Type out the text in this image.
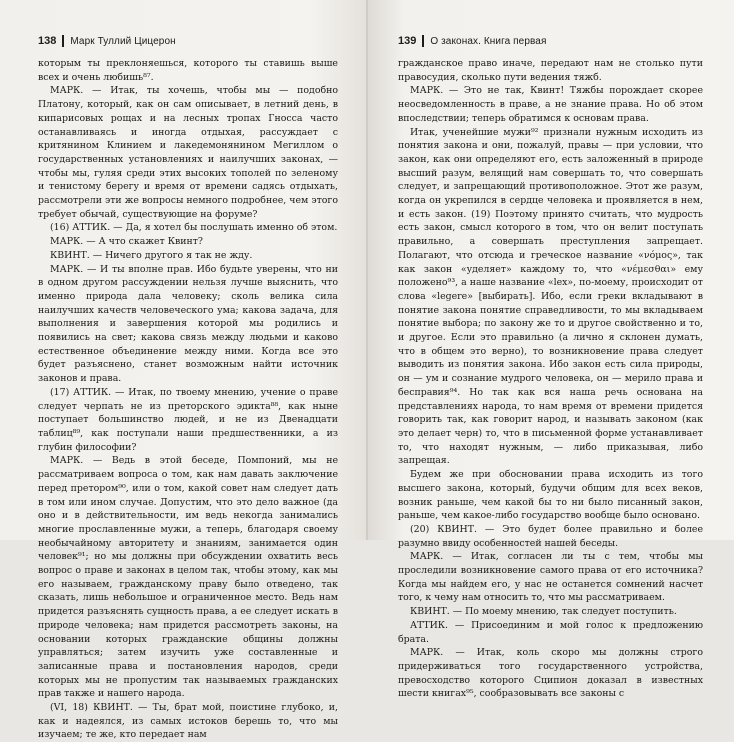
138 Марк Туллий Цицерон

которым ты преклоняешься, которого ты ставишь выше всех и очень любишь⁸⁷.

МАРК. — Итак, ты хочешь, чтобы мы — подобно Платону, который, как он сам описывает, в летний день, в кипарисовых рощах и на лесных тропах Гносса часто останавливаясь и иногда отдыхая, рассуждает с критянином Клинием и лакедемонянином Мегиллом о государственных установлениях и наилучших законах, — чтобы мы, гуляя среди этих высоких тополей по зеленому и тенистому берегу и время от времени садясь отдыхать, рассмотрели эти же вопросы немного подробнее, чем этого требует обычай, существующие на форуме?

(16) АТТИК. — Да, я хотел бы послушать именно об этом.

МАРК. — А что скажет Квинт?

КВИНТ. — Ничего другого я так не жду.

МАРК. — И ты вполне прав. Ибо будьте уверены, что ни в одном другом рассуждении нельзя лучше выяснить, что именно природа дала человеку; сколь велика сила наилучших качеств человеческого ума; какова задача, для выполнения и завершения которой мы родились и появились на свет; какова связь между людьми и каково естественное объединение между ними. Когда все это будет разъяснено, станет возможным найти источник законов и права.

(17) АТТИК. — Итак, по твоему мнению, учение о праве следует черпать не из преторского эдикта⁸⁸, как ныне поступает большинство людей, и не из Двенадцати таблиц⁸⁹, как поступали наши предшественники, а из глубин философии?

МАРК. — Ведь в этой беседе, Помпоний, мы не рассматриваем вопроса о том, как нам давать заключение перед претором⁹⁰, или о том, какой совет нам следует дать в том или ином случае. Допустим, что это дело важное (да оно и в действительности, им ведь некогда занимались многие прославленные мужи, а теперь, благодаря своему необычайному авторитету и знаниям, занимается один человек⁹¹; но мы должны при обсуждении охватить весь вопрос о праве и законах в целом так, чтобы этому, как мы его называем, гражданскому праву было отведено, так сказать, лишь небольшое и ограниченное место. Ведь нам придется разъяснять сущность права, а ее следует искать в природе человека; нам придется рассмотреть законы, на основании которых гражданские общины должны управляться; затем изучить уже составленные и записанные права и постановления народов, среди которых мы не пропустим так называемых гражданских прав также и нашего народа.

(VI, 18) КВИНТ. — Ты, брат мой, поистине глубоко, и, как и надеялся, из самых истоков берешь то, что мы изучаем; те же, кто передает нам

139 О законах. Книга первая

гражданское право иначе, передают нам не столько пути правосудия, сколько пути ведения тяжб.

МАРК. — Это не так, Квинт! Тяжбы порождает скорее неосведомленность в праве, а не знание права. Но об этом впоследствии; теперь обратимся к основам права.

Итак, ученейшие мужи⁹² признали нужным исходить из понятия закона и они, пожалуй, правы — при условии, что закон, как они определяют его, есть заложенный в природе высший разум, велящий нам совершать то, что совершать следует, и запрещающий противоположное. Этот же разум, когда он укрепился в сердце человека и проявляется в нем, и есть закон. (19) Поэтому принято считать, что мудрость есть закон, смысл которого в том, что он велит поступать правильно, а совершать преступления запрещает. Полагают, что отсюда и греческое название «νόμος», так как закон «уделяет» каждому то, что «νέμεσθαι» ему положено⁹³, а наше название «lex», по-моему, происходит от слова «legere» [выбирать]. Ибо, если греки вкладывают в понятие закона понятие справедливости, то мы вкладываем понятие выбора; по закону же то и другое свойственно и то, и другое. Если это правильно (а лично я склонен думать, что в общем это верно), то возникновение права следует выводить из понятия закона. Ибо закон есть сила природы, он — ум и сознание мудрого человека, он — мерило права и бесправия⁹⁴. Но так как вся наша речь основана на представлениях народа, то нам время от времени придется говорить так, как говорит народ, и называть законом (как это делает черн) то, что в письменной форме устанавливает то, что находят нужным, — либо приказывая, либо запрещая.

Будем же при обосновании права исходить из того высшего закона, который, будучи общим для всех веков, возник раньше, чем какой бы то ни было писанный закон, раньше, чем какое-либо государство вообще было основано.

(20) КВИНТ. — Это будет более правильно и более разумно ввиду особенностей нашей беседы.

МАРК. — Итак, согласен ли ты с тем, чтобы мы проследили возникновение самого права от его источника? Когда мы найдем его, у нас не останется сомнений насчет того, к чему нам относить то, что мы рассматриваем.

КВИНТ. — По моему мнению, так следует поступить.

АТТИК. — Присоединим и мой голос к предложению брата.

МАРК. — Итак, коль скоро мы должны строго придерживаться того государственного устройства, превосходство которого Сципион доказал в известных шести книгах⁹⁵, сообразовывать все законы с
